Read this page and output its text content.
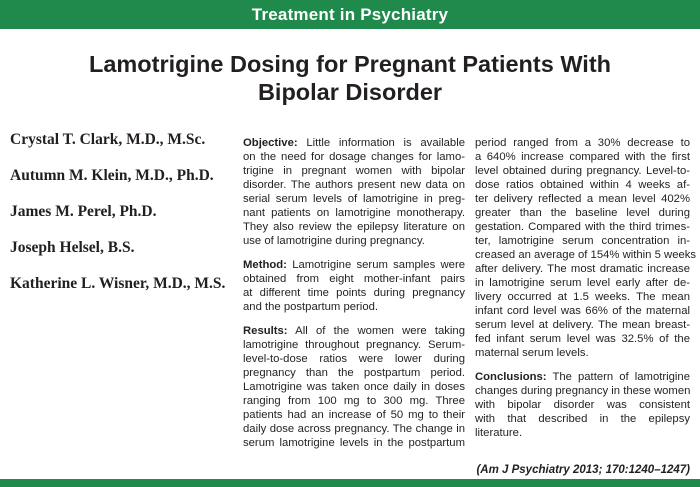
Treatment in Psychiatry
Lamotrigine Dosing for Pregnant Patients With
Bipolar Disorder
Crystal T. Clark, M.D., M.Sc.
Autumn M. Klein, M.D., Ph.D.
James M. Perel, Ph.D.
Joseph Helsel, B.S.
Katherine L. Wisner, M.D., M.S.
Objective: Little information is available
on the need for dosage changes for lamo-
trigine in pregnant women with bipolar
disorder. The authors present new data on
serial serum levels of lamotrigine in preg-
nant patients on lamotrigine monotherapy.
They also review the epilepsy literature on
use of lamotrigine during pregnancy.
Method: Lamotrigine serum samples were
obtained from eight mother-infant pairs
at different time points during pregnancy
and the postpartum period.
Results: All of the women were taking
lamotrigine throughout pregnancy. Serum-
level-to-dose ratios were lower during
pregnancy than the postpartum period.
Lamotrigine was taken once daily in doses
ranging from 100 mg to 300 mg. Three
patients had an increase of 50 mg to their
daily dose across pregnancy. The change in
serum lamotrigine levels in the postpartum
period ranged from a 30% decrease to
a 640% increase compared with the first
level obtained during pregnancy. Level-to-
dose ratios obtained within 4 weeks af-
ter delivery reflected a mean level 402%
greater than the baseline level during
gestation. Compared with the third trimes-
ter, lamotrigine serum concentration in-
creased an average of 154% within 5 weeks
after delivery. The most dramatic increase
in lamotrigine serum level early after de-
livery occurred at 1.5 weeks. The mean
infant cord level was 66% of the maternal
serum level at delivery. The mean breast-
fed infant serum level was 32.5% of the
maternal serum levels.
Conclusions: The pattern of lamotrigine
changes during pregnancy in these women
with bipolar disorder was consistent
with that described in the epilepsy
literature.
(Am J Psychiatry 2013; 170:1240–1247)
